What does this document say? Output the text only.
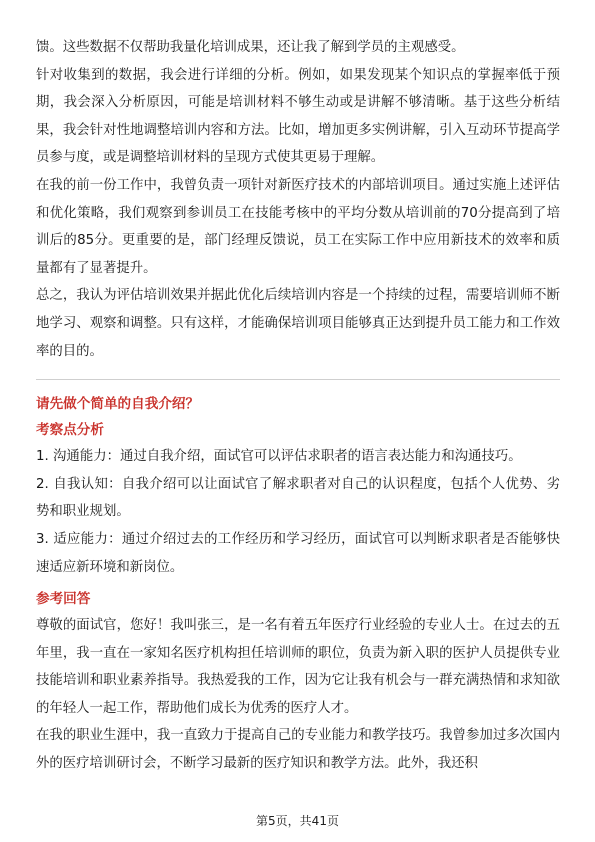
馈。这些数据不仅帮助我量化培训成果，还让我了解到学员的主观感受。

针对收集到的数据，我会进行详细的分析。例如，如果发现某个知识点的掌握率低于预期，我会深入分析原因，可能是培训材料不够生动或是讲解不够清晰。基于这些分析结果，我会针对性地调整培训内容和方法。比如，增加更多实例讲解，引入互动环节提高学员参与度，或是调整培训材料的呈现方式使其更易于理解。

在我的前一份工作中，我曾负责一项针对新医疗技术的内部培训项目。通过实施上述评估和优化策略，我们观察到参训员工在技能考核中的平均分数从培训前的70分提高到了培训后的85分。更重要的是，部门经理反馈说，员工在实际工作中应用新技术的效率和质量都有了显著提升。

总之，我认为评估培训效果并据此优化后续培训内容是一个持续的过程，需要培训师不断地学习、观察和调整。只有这样，才能确保培训项目能够真正达到提升员工能力和工作效率的目的。

请先做个简单的自我介绍？

考察点分析

1. 沟通能力：通过自我介绍，面试官可以评估求职者的语言表达能力和沟通技巧。

2. 自我认知：自我介绍可以让面试官了解求职者对自己的认识程度，包括个人优势、劣势和职业规划。

3. 适应能力：通过介绍过去的工作经历和学习经历，面试官可以判断求职者是否能够快速适应新环境和新岗位。

参考回答

尊敬的面试官，您好！我叫张三，是一名有着五年医疗行业经验的专业人士。在过去的五年里，我一直在一家知名医疗机构担任培训师的职位，负责为新入职的医护人员提供专业技能培训和职业素养指导。我热爱我的工作，因为它让我有机会与一群充满热情和求知欲的年轻人一起工作，帮助他们成长为优秀的医疗人才。

在我的职业生涯中，我一直致力于提高自己的专业能力和教学技巧。我曾参加过多次国内外的医疗培训研讨会，不断学习最新的医疗知识和教学方法。此外，我还积

第5页，共41页
